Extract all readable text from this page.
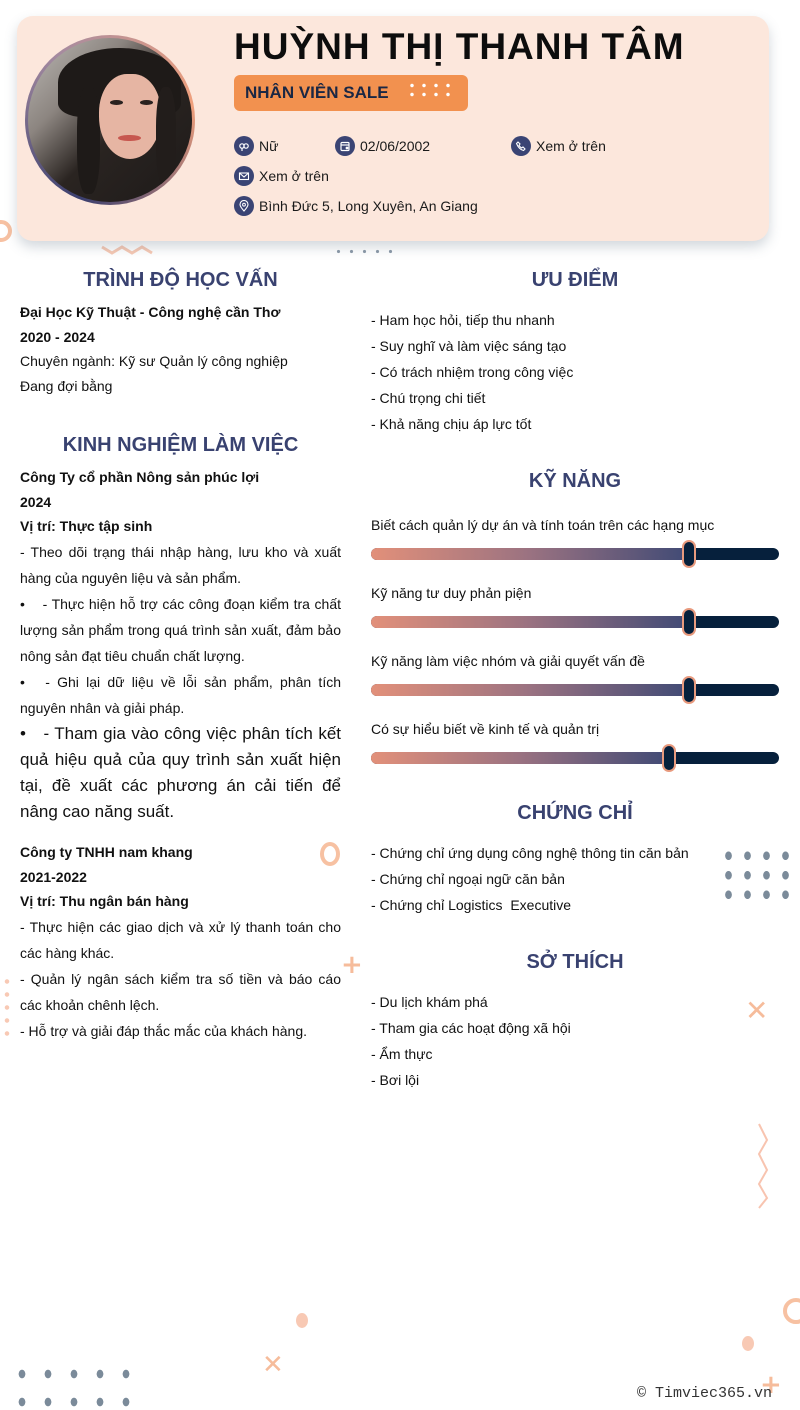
HUỲNH THỊ THANH TÂM
NHÂN VIÊN SALE
Nữ	02/06/2002	Xem ở trên
Xem ở trên
Bình Đức 5, Long Xuyên, An Giang
TRÌNH ĐỘ HỌC VẤN
Đại Học Kỹ Thuật - Công nghệ cần Thơ
2020 - 2024
Chuyên ngành: Kỹ sư Quản lý công nghiệp
Đang đợi bằng
KINH NGHIỆM LÀM VIỆC
Công Ty cổ phần Nông sản phúc lợi
2024
Vị trí: Thực tập sinh
- Theo dõi trạng thái nhập hàng, lưu kho và xuất hàng của nguyên liệu và sản phẩm.
• - Thực hiện hỗ trợ các công đoạn kiểm tra chất lượng sản phẩm trong quá trình sản xuất, đảm bảo nông sản đạt tiêu chuẩn chất lượng.
• - Ghi lại dữ liệu về lỗi sản phẩm, phân tích nguyên nhân và giải pháp.
• - Tham gia vào công việc phân tích kết quả hiệu quả của quy trình sản xuất hiện tại, đề xuất các phương án cải tiến để nâng cao năng suất.
Công ty TNHH nam khang
2021-2022
Vị trí: Thu ngân bán hàng
- Thực hiện các giao dịch và xử lý thanh toán cho các hàng khác.
- Quản lý ngân sách kiểm tra số tiền và báo cáo các khoản chênh lệch.
- Hỗ trợ và giải đáp thắc mắc của khách hàng.
ƯU ĐIỂM
- Ham học hỏi, tiếp thu nhanh
- Suy nghĩ và làm việc sáng tạo
- Có trách nhiệm trong công việc
- Chú trọng chi tiết
- Khả năng chịu áp lực tốt
KỸ NĂNG
Biết cách quản lý dự án và tính toán trên các hạng mục
Kỹ năng tư duy phản piện
Kỹ năng làm việc nhóm và giải quyết vấn đề
Có sự hiểu biết về kinh tế và quản trị
CHỨNG CHỈ
- Chứng chỉ ứng dụng công nghệ thông tin căn bản
- Chứng chỉ ngoại ngữ căn bản
- Chứng chỉ Logistics  Executive
SỞ THÍCH
- Du lịch khám phá
- Tham gia các hoạt động xã hội
- Ẩm thực
- Bơi lội
+
✕
✕
+
© Timviec365.vn
